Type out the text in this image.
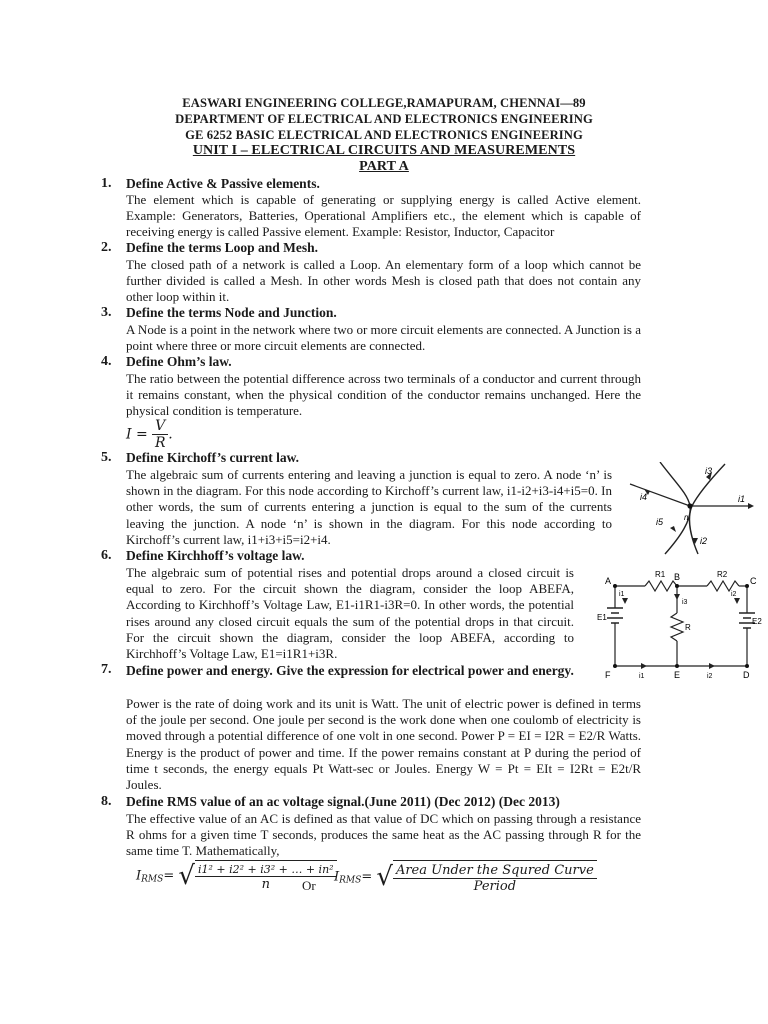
EASWARI ENGINEERING COLLEGE,RAMAPURAM, CHENNAI—89
DEPARTMENT OF ELECTRICAL AND ELECTRONICS ENGINEERING
GE 6252 BASIC ELECTRICAL AND ELECTRONICS ENGINEERING
UNIT I – ELECTRICAL CIRCUITS AND MEASUREMENTS
PART A
1. Define Active & Passive elements.
The element which is capable of generating or supplying energy is called Active element. Example: Generators, Batteries, Operational Amplifiers etc., the element which is capable of receiving energy is called Passive element. Example: Resistor, Inductor, Capacitor
2. Define the terms Loop and Mesh.
The closed path of a network is called a Loop. An elementary form of a loop which cannot be further divided is called a Mesh. In other words Mesh is closed path that does not contain any other loop within it.
3. Define the terms Node and Junction.
A Node is a point in the network where two or more circuit elements are connected. A Junction is a point where three or more circuit elements are connected.
4. Define Ohm’s law.
The ratio between the potential difference across two terminals of a conductor and current through it remains constant, when the physical condition of the conductor remains unchanged. Here the physical condition is temperature.
$I = \frac{V}{R}$ .
5. Define Kirchoff’s current law.
The algebraic sum of currents entering and leaving a junction is equal to zero. A node ‘n’ is shown in the diagram. For this node according to Kirchoff’s current law, i1-i2+i3-i4+i5=0. In other words, the sum of currents entering a junction is equal to the sum of the currents leaving the junction. A node ‘n’ is shown in the diagram. For this node according to Kirchoff’s current law, i1+i3+i5=i2+i4.
i3
i4
i5	n
i1
i2
6. Define Kirchhoff’s voltage law.
The algebraic sum of potential rises and potential drops around a closed circuit is equal to zero. For the circuit shown the diagram, consider the loop ABEFA, According to Kirchhoff’s Voltage Law, E1-i1R1-i3R=0. In other words, the potential rises around any closed circuit equals the sum of the potential drops in that circuit. For the circuit shown the diagram, consider the loop ABEFA, according to Kirchhoff’s Voltage Law, E1=i1R1+i3R.
A
R1 B	R2
C
i1
i3
i2
E1
R
E2
F	i1	E	i2	D
7. Define power and energy. Give the expression for electrical power and energy.
Power is the rate of doing work and its unit is Watt. The unit of electric power is defined in terms of the joule per second. One joule per second is the work done when one coulomb of electricity is moved through a potential difference of one volt in one second. Power P = EI = I2R = E2/R Watts. Energy is the product of power and time. If the power remains constant at P during the period of time t seconds, the energy equals Pt Watt-sec or Joules. Energy W = Pt = EIt = I2Rt = E2t/R Joules.
8. Define RMS value of an ac voltage signal.(June 2011) (Dec 2012) (Dec 2013)
The effective value of an AC is defined as that value of DC which on passing through a resistance R ohms for a given time T seconds, produces the same heat as the AC passing through R for the same time T. Mathematically,
$I_{RMS}=$ √ $\frac{\text{i1² + i2² + i3² + … + in²}}{n}$
Or
$I_{RMS}=$ √ $\frac{\text{Area Under the Squred Curve}}{\text{Period}}$
